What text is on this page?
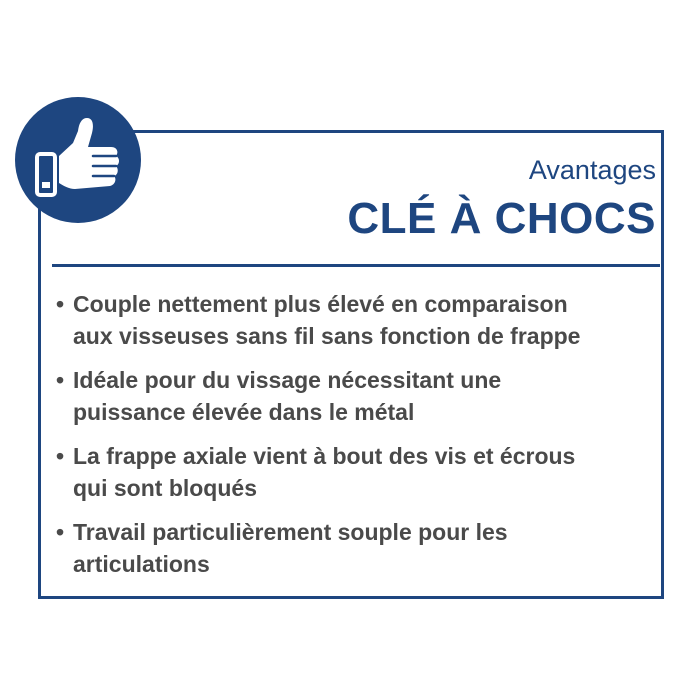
Avantages
CLÉ À CHOCS
• Couple nettement plus élevé en comparaison
aux visseuses sans fil sans fonction de frappe
• Idéale pour du vissage nécessitant une
puissance élevée dans le métal
• La frappe axiale vient à bout des vis et écrous
qui sont bloqués
• Travail particulièrement souple pour les
articulations
